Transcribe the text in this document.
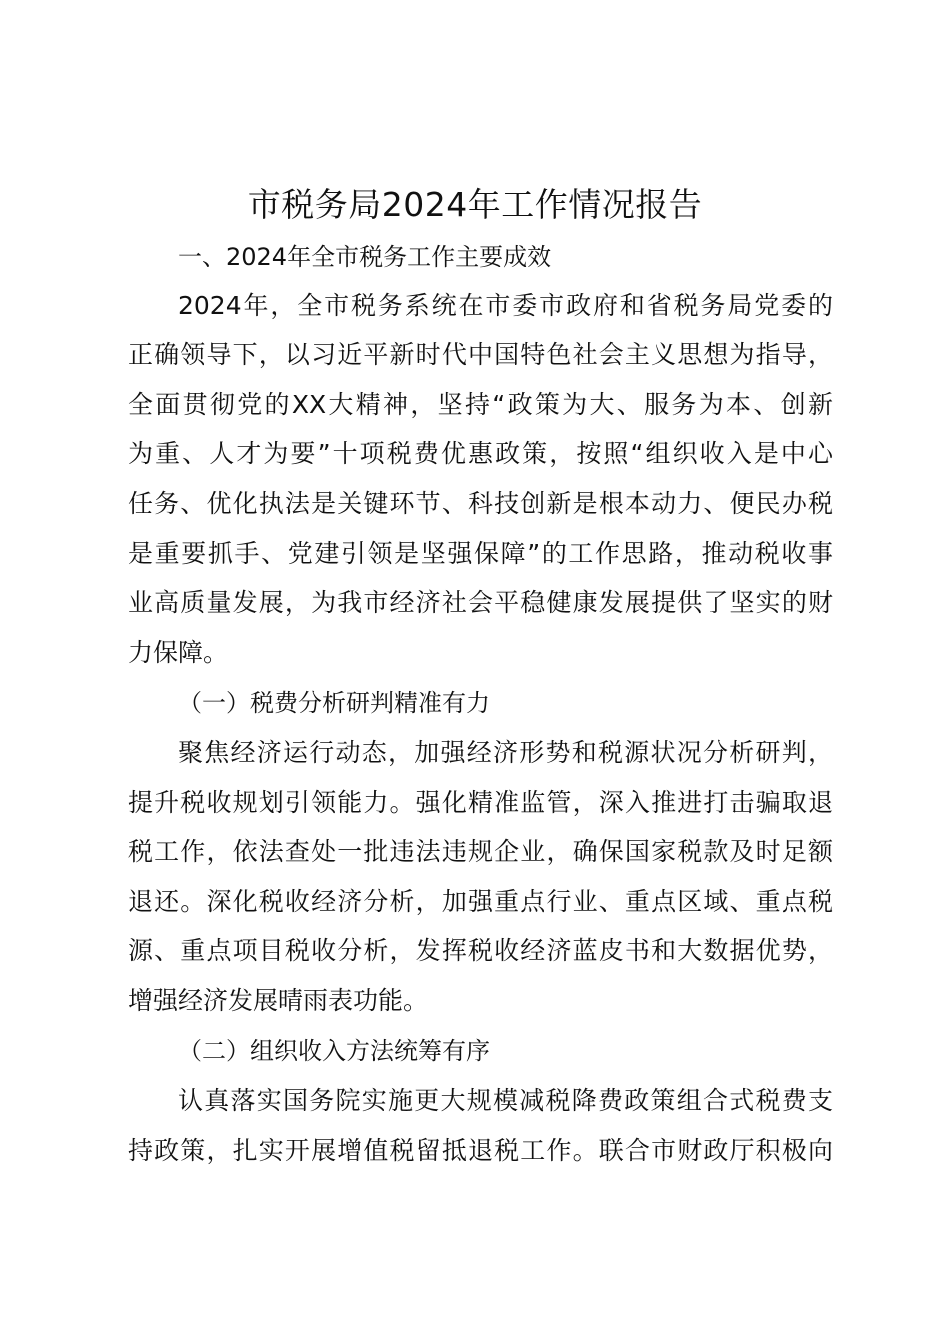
市税务局2024年工作情况报告
一、2024年全市税务工作主要成效
2024年，全市税务系统在市委市政府和省税务局党委的
正确领导下，以习近平新时代中国特色社会主义思想为指导，
全面贯彻党的XX大精神，坚持“政策为大、服务为本、创新
为重、人才为要”十项税费优惠政策，按照“组织收入是中心
任务、优化执法是关键环节、科技创新是根本动力、便民办税
是重要抓手、党建引领是坚强保障”的工作思路，推动税收事
业高质量发展，为我市经济社会平稳健康发展提供了坚实的财
力保障。
（一）税费分析研判精准有力
聚焦经济运行动态，加强经济形势和税源状况分析研判，
提升税收规划引领能力。强化精准监管，深入推进打击骗取退
税工作，依法查处一批违法违规企业，确保国家税款及时足额
退还。深化税收经济分析，加强重点行业、重点区域、重点税
源、重点项目税收分析，发挥税收经济蓝皮书和大数据优势，
增强经济发展晴雨表功能。
（二）组织收入方法统筹有序
认真落实国务院实施更大规模减税降费政策组合式税费支
持政策，扎实开展增值税留抵退税工作。联合市财政厅积极向
